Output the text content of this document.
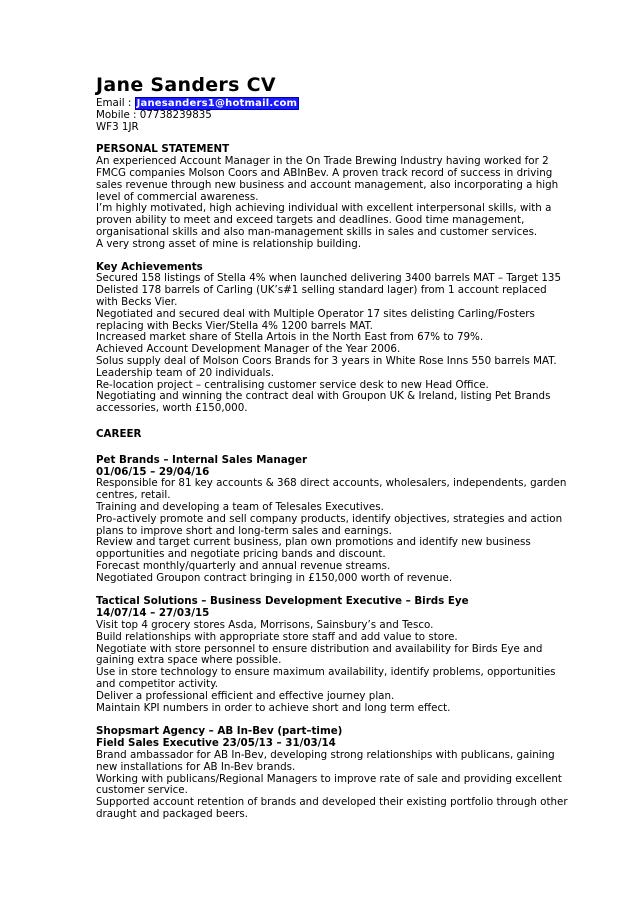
Jane Sanders CV
Email : Janesanders1@hotmail.com
Mobile : 07738239835
WF3 1JR
PERSONAL STATEMENT
An experienced Account Manager in the On Trade Brewing Industry having worked for 2
FMCG companies Molson Coors and ABInBev. A proven track record of success in driving
sales revenue through new business and account management, also incorporating a high
level of commercial awareness.
I’m highly motivated, high achieving individual with excellent interpersonal skills, with a
proven ability to meet and exceed targets and deadlines. Good time management,
organisational skills and also man-management skills in sales and customer services.
A very strong asset of mine is relationship building.
Key Achievements
Secured 158 listings of Stella 4% when launched delivering 3400 barrels MAT – Target 135
Delisted 178 barrels of Carling (UK’s#1 selling standard lager) from 1 account replaced
with Becks Vier.
Negotiated and secured deal with Multiple Operator 17 sites delisting Carling/Fosters
replacing with Becks Vier/Stella 4% 1200 barrels MAT.
Increased market share of Stella Artois in the North East from 67% to 79%.
Achieved Account Development Manager of the Year 2006.
Solus supply deal of Molson Coors Brands for 3 years in White Rose Inns 550 barrels MAT.
Leadership team of 20 individuals.
Re-location project – centralising customer service desk to new Head Office.
Negotiating and winning the contract deal with Groupon UK & Ireland, listing Pet Brands
accessories, worth £150,000.
CAREER
Pet Brands – Internal Sales Manager
01/06/15 – 29/04/16
Responsible for 81 key accounts & 368 direct accounts, wholesalers, independents, garden
centres, retail.
Training and developing a team of Telesales Executives.
Pro-actively promote and sell company products, identify objectives, strategies and action
plans to improve short and long-term sales and earnings.
Review and target current business, plan own promotions and identify new business
opportunities and negotiate pricing bands and discount.
Forecast monthly/quarterly and annual revenue streams.
Negotiated Groupon contract bringing in £150,000 worth of revenue.
Tactical Solutions – Business Development Executive – Birds Eye
14/07/14 – 27/03/15
Visit top 4 grocery stores Asda, Morrisons, Sainsbury’s and Tesco.
Build relationships with appropriate store staff and add value to store.
Negotiate with store personnel to ensure distribution and availability for Birds Eye and
gaining extra space where possible.
Use in store technology to ensure maximum availability, identify problems, opportunities
and competitor activity.
Deliver a professional efficient and effective journey plan.
Maintain KPI numbers in order to achieve short and long term effect.
Shopsmart Agency – AB In-Bev (part–time)
Field Sales Executive 23/05/13 – 31/03/14
Brand ambassador for AB In-Bev, developing strong relationships with publicans, gaining
new installations for AB In-Bev brands.
Working with publicans/Regional Managers to improve rate of sale and providing excellent
customer service.
Supported account retention of brands and developed their existing portfolio through other
draught and packaged beers.
